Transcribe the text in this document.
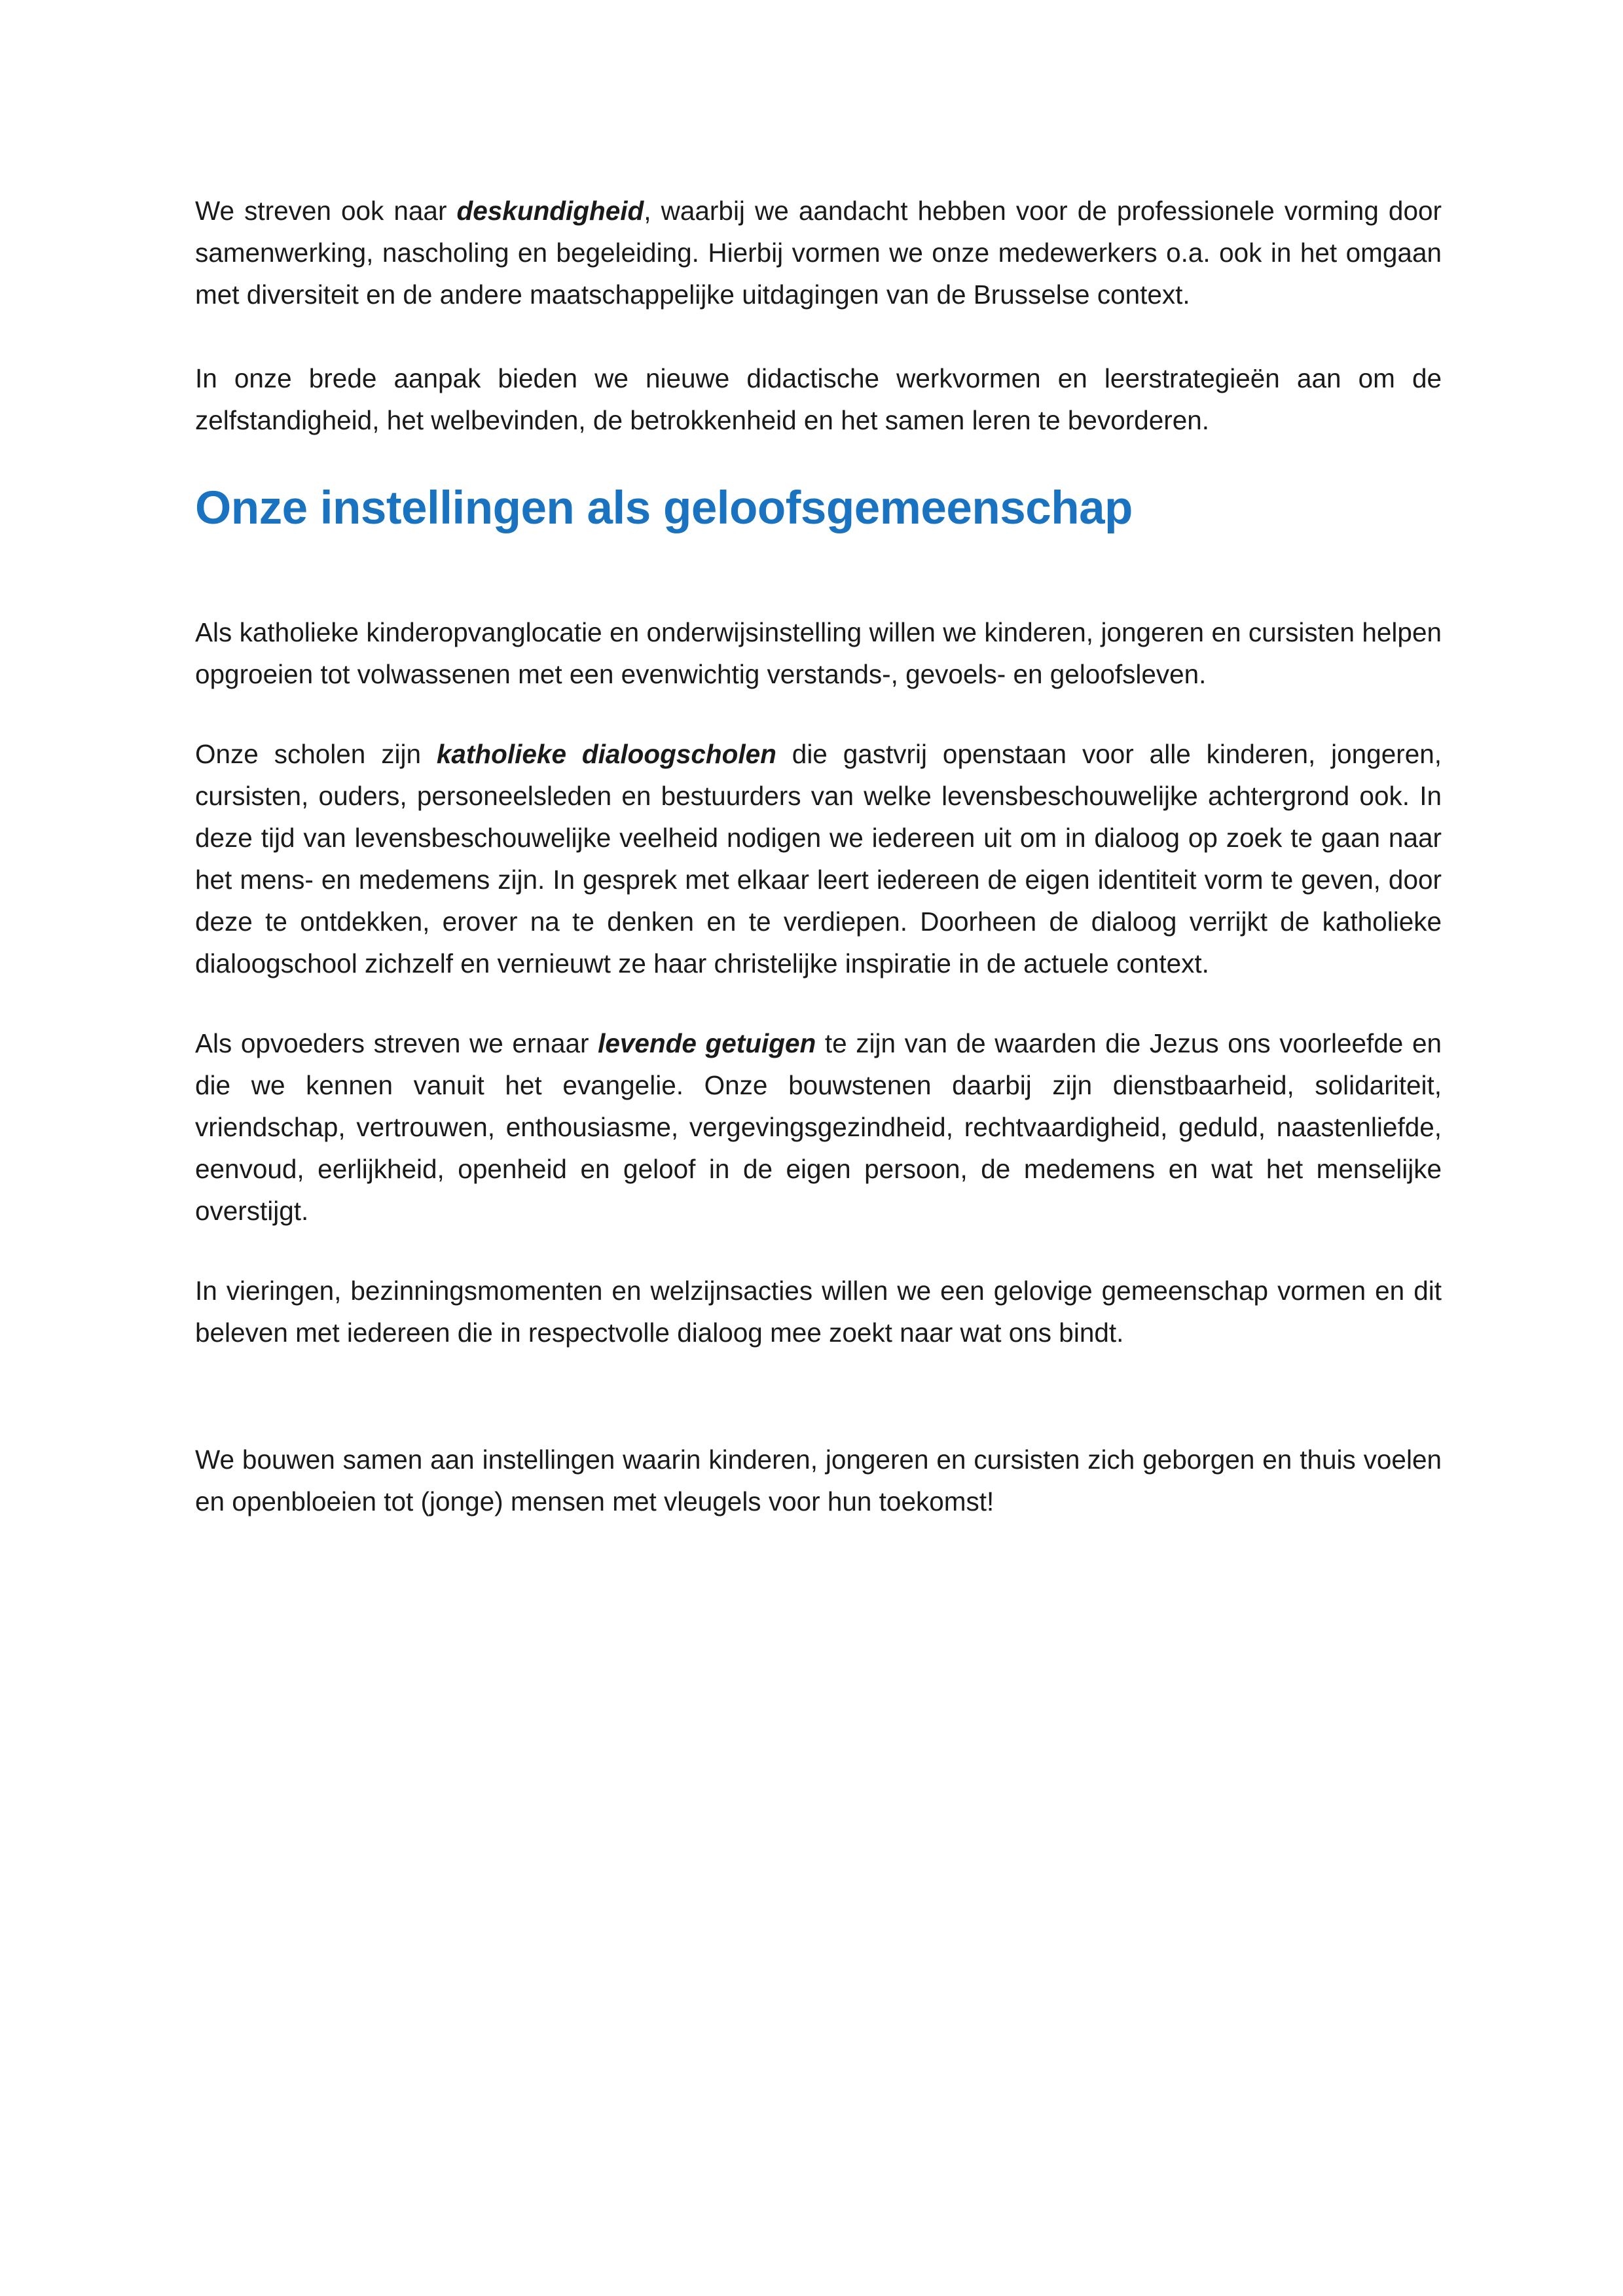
We streven ook naar deskundigheid, waarbij we aandacht hebben voor de professionele vorming door samenwerking, nascholing en begeleiding. Hierbij vormen we onze medewerkers o.a. ook in het omgaan met diversiteit en de andere maatschappelijke uitdagingen van de Brusselse context.

In onze brede aanpak bieden we nieuwe didactische werkvormen en leerstrategieën aan om de zelfstandigheid, het welbevinden, de betrokkenheid en het samen leren te bevorderen.

Onze instellingen als geloofsgemeenschap

Als katholieke kinderopvanglocatie en onderwijsinstelling willen we kinderen, jongeren en cursisten helpen opgroeien tot volwassenen met een evenwichtig verstands-, gevoels- en geloofsleven.

Onze scholen zijn katholieke dialoogscholen die gastvrij openstaan voor alle kinderen, jongeren, cursisten, ouders, personeelsleden en bestuurders van welke levensbeschouwelijke achtergrond ook. In deze tijd van levensbeschouwelijke veelheid nodigen we iedereen uit om in dialoog op zoek te gaan naar het mens- en medemens zijn. In gesprek met elkaar leert iedereen de eigen identiteit vorm te geven, door deze te ontdekken, erover na te denken en te verdiepen. Doorheen de dialoog verrijkt de katholieke dialoogschool zichzelf en vernieuwt ze haar christelijke inspiratie in de actuele context.

Als opvoeders streven we ernaar levende getuigen te zijn van de waarden die Jezus ons voorleefde en die we kennen vanuit het evangelie. Onze bouwstenen daarbij zijn dienstbaarheid, solidariteit, vriendschap, vertrouwen, enthousiasme, vergevingsgezindheid, rechtvaardigheid, geduld, naastenliefde, eenvoud, eerlijkheid, openheid en geloof in de eigen persoon, de medemens en wat het menselijke overstijgt.

In vieringen, bezinningsmomenten en welzijnsacties willen we een gelovige gemeenschap vormen en dit beleven met iedereen die in respectvolle dialoog mee zoekt naar wat ons bindt.

We bouwen samen aan instellingen waarin kinderen, jongeren en cursisten zich geborgen en thuis voelen en openbloeien tot (jonge) mensen met vleugels voor hun toekomst!
